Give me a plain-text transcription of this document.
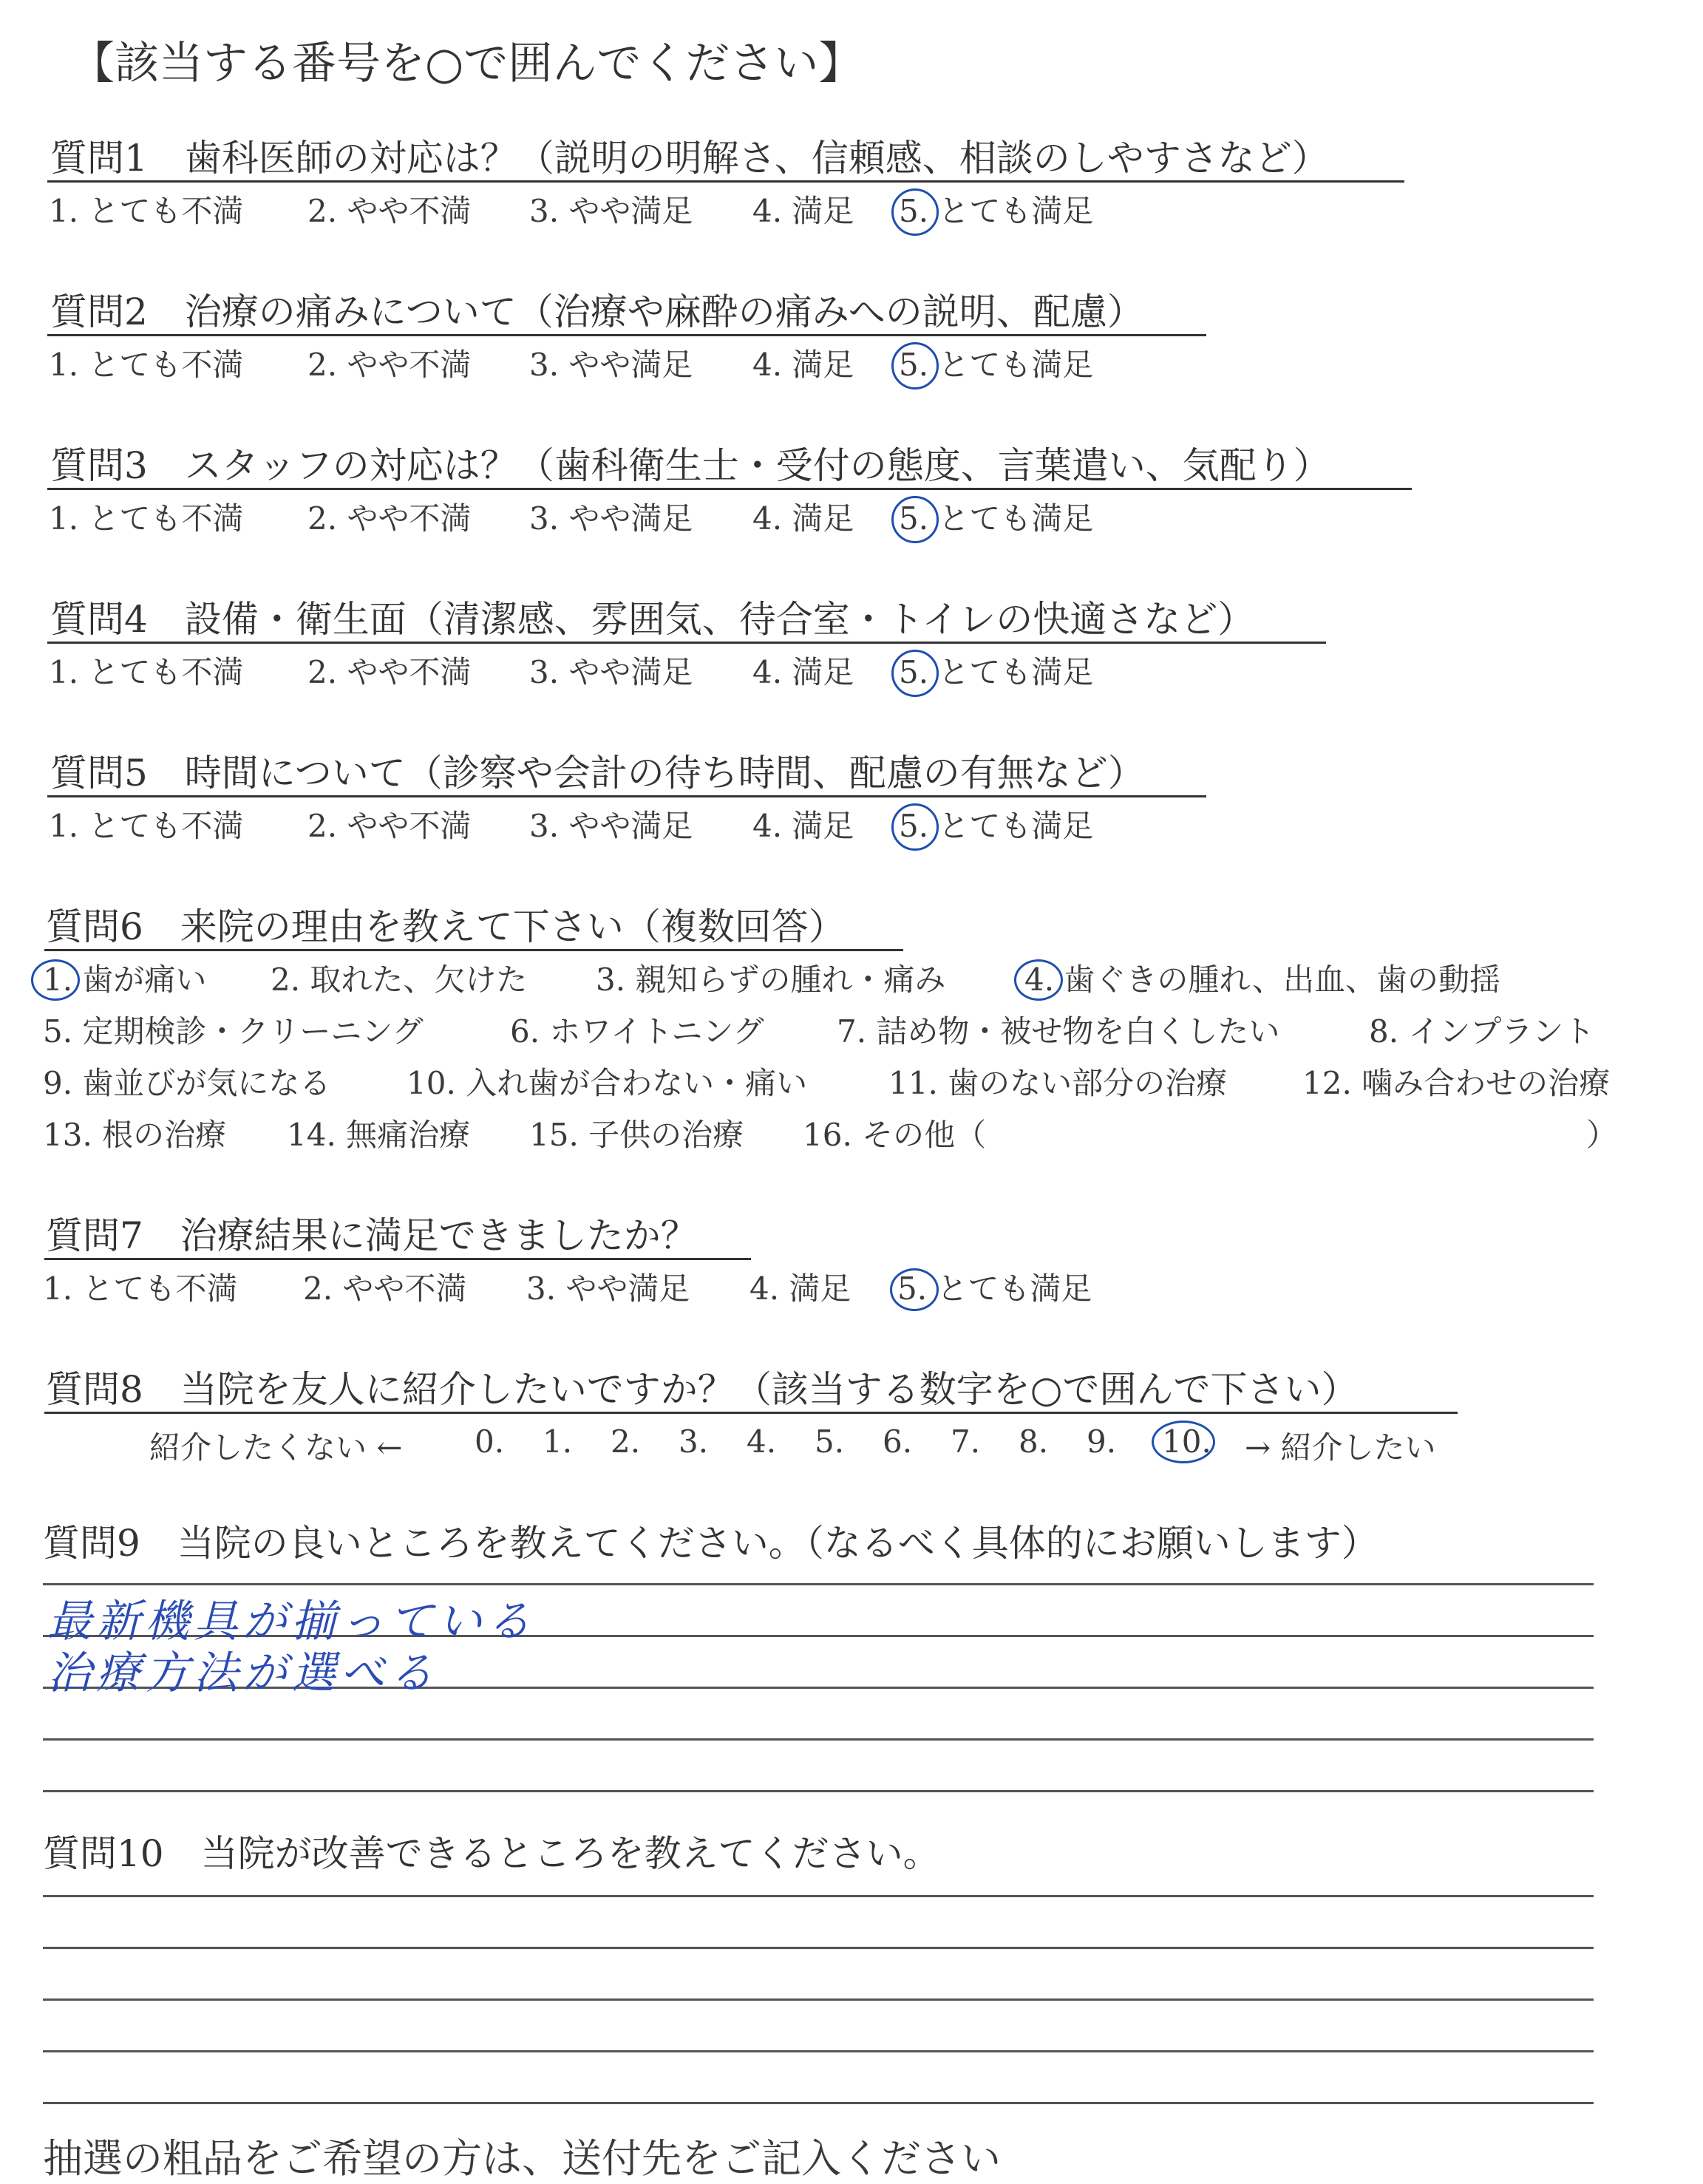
【該当する番号を○で囲んでください】
質問1　歯科医師の対応は？（説明の明解さ、信頼感、相談のしやすさなど）
1. とても不満 2. やや不満 3. やや満足 4. 満足 5. とても満足
質問2　治療の痛みについて（治療や麻酔の痛みへの説明、配慮）
1. とても不満 2. やや不満 3. やや満足 4. 満足 5. とても満足
質問3　スタッフの対応は？（歯科衛生士・受付の態度、言葉遣い、気配り）
1. とても不満 2. やや不満 3. やや満足 4. 満足 5. とても満足
質問4　設備・衛生面（清潔感、雰囲気、待合室・トイレの快適さなど）
1. とても不満 2. やや不満 3. やや満足 4. 満足 5. とても満足
質問5　時間について（診察や会計の待ち時間、配慮の有無など）
1. とても不満 2. やや不満 3. やや満足 4. 満足 5. とても満足
質問6　来院の理由を教えて下さい（複数回答）
1. 歯が痛い 2. 取れた、欠けた 3. 親知らずの腫れ・痛み	4. 歯ぐきの腫れ、出血、歯の動揺
5. 定期検診・クリーニング	6. ホワイトニング 7. 詰め物・被せ物を白くしたい	8. インプラント
9. 歯並びが気になる 10. 入れ歯が合わない・痛い	11. 歯のない部分の治療 12. 噛み合わせの治療
13. 根の治療 14. 無痛治療 15. 子供の治療 16. その他（	）
質問7　治療結果に満足できましたか？
1. とても不満 2. やや不満 3. やや満足 4. 満足 5. とても満足
質問8　当院を友人に紹介したいですか？（該当する数字を○で囲んで下さい）
紹介したくない ← 0. 1. 2. 3. 4. 5. 6. 7. 8. 9. 10. → 紹介したい
質問9　当院の良いところを教えてください。（なるべく具体的にお願いします）
最新機具が揃っている
治療方法が選べる
質問10　当院が改善できるところを教えてください。
抽選の粗品をご希望の方は、送付先をご記入ください
